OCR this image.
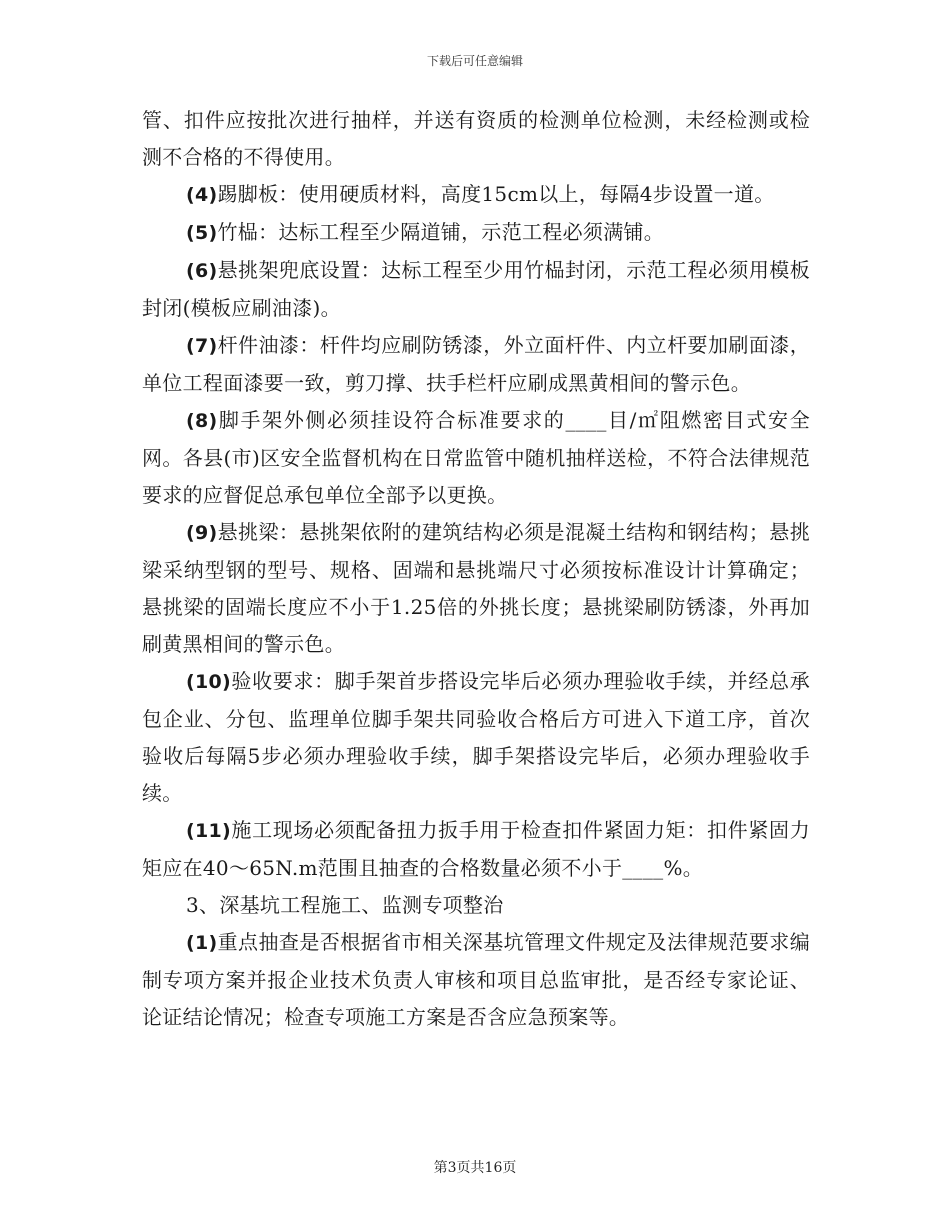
下载后可任意编辑

管、扣件应按批次进行抽样，并送有资质的检测单位检测，未经检测或检测不合格的不得使用。

(4)踢脚板：使用硬质材料，高度15cm以上，每隔4步设置一道。

(5)竹榀：达标工程至少隔道铺，示范工程必须满铺。

(6)悬挑架兜底设置：达标工程至少用竹榀封闭，示范工程必须用模板封闭(模板应刷油漆)。

(7)杆件油漆：杆件均应刷防锈漆，外立面杆件、内立杆要加刷面漆，单位工程面漆要一致，剪刀撑、扶手栏杆应刷成黑黄相间的警示色。

(8)脚手架外侧必须挂设符合标准要求的____目/㎡阻燃密目式安全网。各县(市)区安全监督机构在日常监管中随机抽样送检，不符合法律规范要求的应督促总承包单位全部予以更换。

(9)悬挑梁：悬挑架依附的建筑结构必须是混凝土结构和钢结构；悬挑梁采纳型钢的型号、规格、固端和悬挑端尺寸必须按标准设计计算确定；悬挑梁的固端长度应不小于1.25倍的外挑长度；悬挑梁刷防锈漆，外再加刷黄黑相间的警示色。

(10)验收要求：脚手架首步搭设完毕后必须办理验收手续，并经总承包企业、分包、监理单位脚手架共同验收合格后方可进入下道工序，首次验收后每隔5步必须办理验收手续，脚手架搭设完毕后，必须办理验收手续。

(11)施工现场必须配备扭力扳手用于检查扣件紧固力矩：扣件紧固力矩应在40～65N.m范围且抽查的合格数量必须不小于____%。

3、深基坑工程施工、监测专项整治

(1)重点抽查是否根据省市相关深基坑管理文件规定及法律规范要求编制专项方案并报企业技术负责人审核和项目总监审批，是否经专家论证、论证结论情况；检查专项施工方案是否含应急预案等。

第3页共16页
